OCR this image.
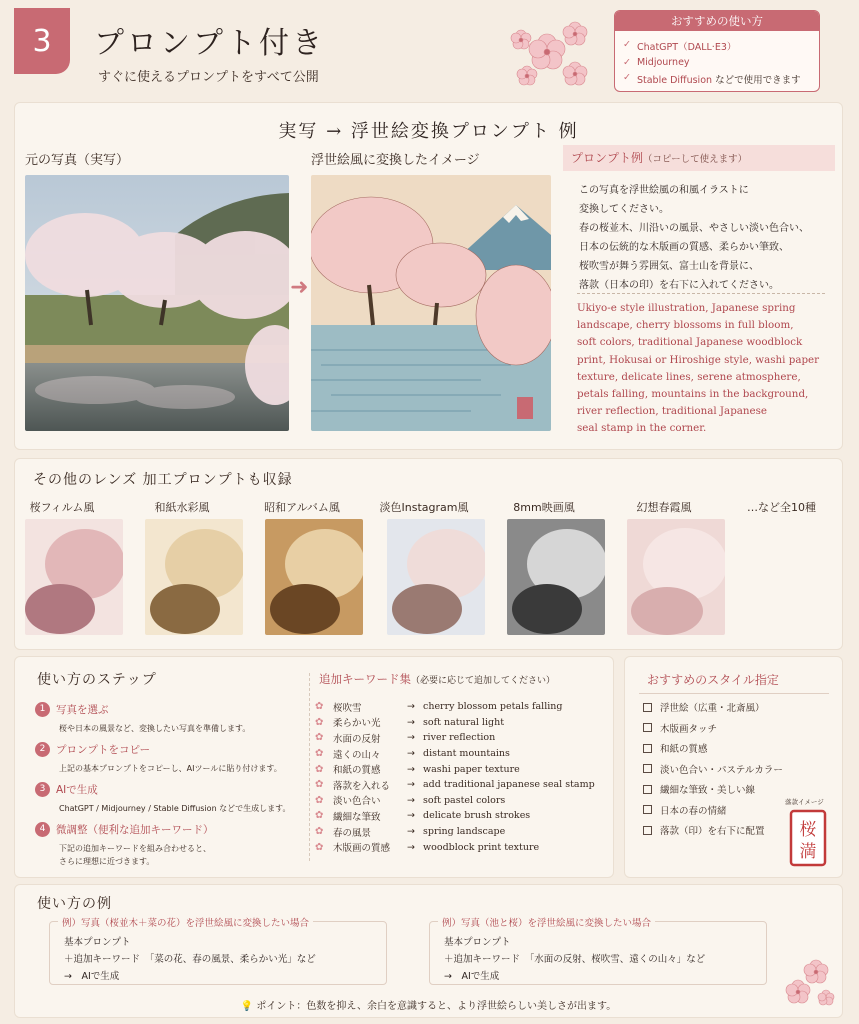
3	プロンプト付き
すぐに使えるプロンプトをすべて公開
おすすめの使い方
✓ ChatGPT（DALL·E3）
✓ Midjourney
✓ Stable Diffusion などで使用できます
実写 → 浮世絵変換プロンプト 例
元の写真（実写）	浮世絵風に変換したイメージ
➜
プロンプト例（コピーして使えます）
この写真を浮世絵風の和風イラストに
変換してください。
春の桜並木、川沿いの風景、やさしい淡い色合い、
日本の伝統的な木版画の質感、柔らかい筆致、
桜吹雪が舞う雰囲気、富士山を背景に、
落款（日本の印）を右下に入れてください。
Ukiyo-e style illustration, Japanese spring
landscape, cherry blossoms in full bloom,
soft colors, traditional Japanese woodblock
print, Hokusai or Hiroshige style, washi paper
texture, delicate lines, serene atmosphere,
petals falling, mountains in the background,
river reflection, traditional Japanese
seal stamp in the corner.
その他のレンズ 加工プロンプトも収録
桜フィルム風	和紙水彩風	昭和アルバム風	淡色Instagram風	8mm映画風	幻想春霞風	…など全10種
使い方のステップ
1 写真を選ぶ
桜や日本の風景など、変換したい写真を準備します。
2 プロンプトをコピー
上記の基本プロンプトをコピーし、AIツールに貼り付けます。
3 AIで生成
ChatGPT / Midjourney / Stable Diffusion などで生成します。
4 微調整（便利な追加キーワード）
下記の追加キーワードを組み合わせると、
さらに理想に近づきます。
追加キーワード集（必要に応じて追加してください）
✿	桜吹雪	→ cherry blossom petals falling
✿	柔らかい光	→ soft natural light
✿	水面の反射	→ river reflection
✿	遠くの山々	→ distant mountains
✿	和紙の質感	→ washi paper texture
✿	落款を入れる	→ add traditional japanese seal stamp
✿	淡い色合い	→ soft pastel colors
✿	繊細な筆致	→ delicate brush strokes
✿	春の風景	→ spring landscape
✿	木版画の質感	→ woodblock print texture
おすすめのスタイル指定
浮世絵（広重・北斎風）
木版画タッチ
和紙の質感
淡い色合い・パステルカラー
繊細な筆致・美しい線
日本の春の情緒
落款（印）を右下に配置
落款イメージ
桜
満
使い方の例
例）写真（桜並木＋菜の花）を浮世絵風に変換したい場合
基本プロンプト
＋追加キーワード　「菜の花、春の風景、柔らかい光」など
→　AIで生成
例）写真（池と桜）を浮世絵風に変換したい場合
基本プロンプト
＋追加キーワード　「水面の反射、桜吹雪、遠くの山々」など
→　AIで生成
💡 ポイント：色数を抑え、余白を意識すると、より浮世絵らしい美しさが出ます。
